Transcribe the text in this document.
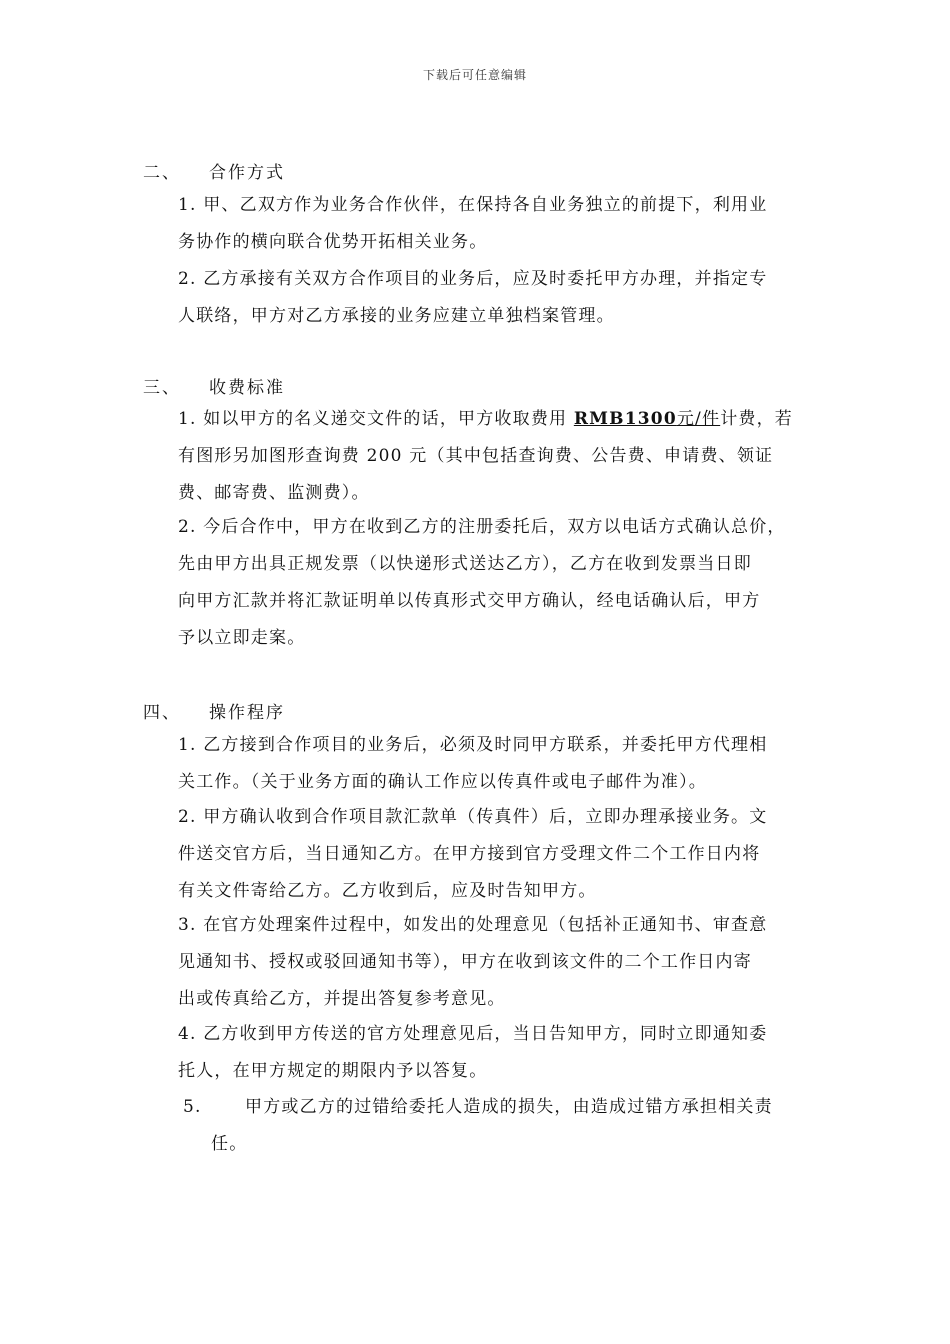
下载后可任意编辑
二、 合作方式
1. 甲、乙双方作为业务合作伙伴，在保持各自业务独立的前提下，利用业
务协作的横向联合优势开拓相关业务。
2. 乙方承接有关双方合作项目的业务后，应及时委托甲方办理，并指定专
人联络，甲方对乙方承接的业务应建立单独档案管理。
三、 收费标准
1. 如以甲方的名义递交文件的话，甲方收取费用 RMB1300元/件计费，若
有图形另加图形查询费 200 元（其中包括查询费、公告费、申请费、领证
费、邮寄费、监测费）。
2. 今后合作中，甲方在收到乙方的注册委托后，双方以电话方式确认总价，
先由甲方出具正规发票（以快递形式送达乙方），乙方在收到发票当日即
向甲方汇款并将汇款证明单以传真形式交甲方确认，经电话确认后，甲方
予以立即走案。
四、 操作程序
1. 乙方接到合作项目的业务后，必须及时同甲方联系，并委托甲方代理相
关工作。（关于业务方面的确认工作应以传真件或电子邮件为准）。
2. 甲方确认收到合作项目款汇款单（传真件）后，立即办理承接业务。文
件送交官方后，当日通知乙方。在甲方接到官方受理文件二个工作日内将
有关文件寄给乙方。乙方收到后，应及时告知甲方。
3. 在官方处理案件过程中，如发出的处理意见（包括补正通知书、审查意
见通知书、授权或驳回通知书等），甲方在收到该文件的二个工作日内寄
出或传真给乙方，并提出答复参考意见。
4. 乙方收到甲方传送的官方处理意见后，当日告知甲方，同时立即通知委
托人，在甲方规定的期限内予以答复。
5.	甲方或乙方的过错给委托人造成的损失，由造成过错方承担相关责
任。
